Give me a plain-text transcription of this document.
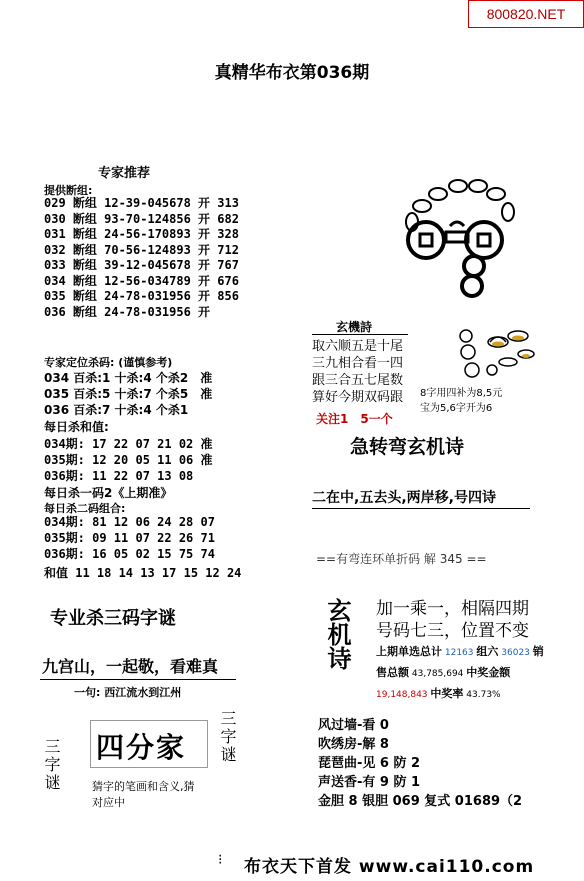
800820.NET
真精华布衣第036期
专家推荐
提供断组:
029 断组 12-39-045678 开 313
030 断组 93-70-124856 开 682
031 断组 24-56-170893 开 328
032 断组 70-56-124893 开 712
033 断组 39-12-045678 开 767
034 断组 12-56-034789 开 676
035 断组 24-78-031956 开 856
036 断组 24-78-031956 开
专家定位杀码: (谨慎参考)
034 百杀:1 十杀:4 个杀2　准
035 百杀:5 十杀:7 个杀5　准
036 百杀:7 十杀:4 个杀1
每日杀和值:
034期: 17 22 07 21 02 准
035期: 12 20 05 11 06 准
036期: 11 22 07 13 08
每日杀一码2《上期准》
每日杀二码组合:
034期: 81 12 06 24 28 07
035期: 09 11 07 22 26 71
036期: 16 05 02 15 75 74
和值 11 18 14 13 17 15 12 24
专业杀三码字谜
九宫山，一起敬，看难真
一句: 西江流水到江州
三字谜
三字谜
四分家
猜字的笔画和含义,猜
对应中
玄機詩
取六顺五是十尾
三九相合看一四
跟三合五七尾数
算好今期双码跟
关注1　5一个
8字用四补为8,5元
宝为5,6字开为6
急转弯玄机诗
二在中,五去头,两岸移,号四诗
==有弯连环单折码 解 345 ==
玄机诗 加一乘一，相隔四期
号码七三，位置不变
上期单选总计 12163 组六 36023 销
售总额 43,785,694 中奖金额
19,148,843 中奖率 43.73%
风过墙-看 0
吹绣房-解 8
琵琶曲-见 6 防 2
声送香-有 9 防 1
金胆 8 银胆 069 复式 01689（2
⁝ 布衣天下首发 www.cai110.com
